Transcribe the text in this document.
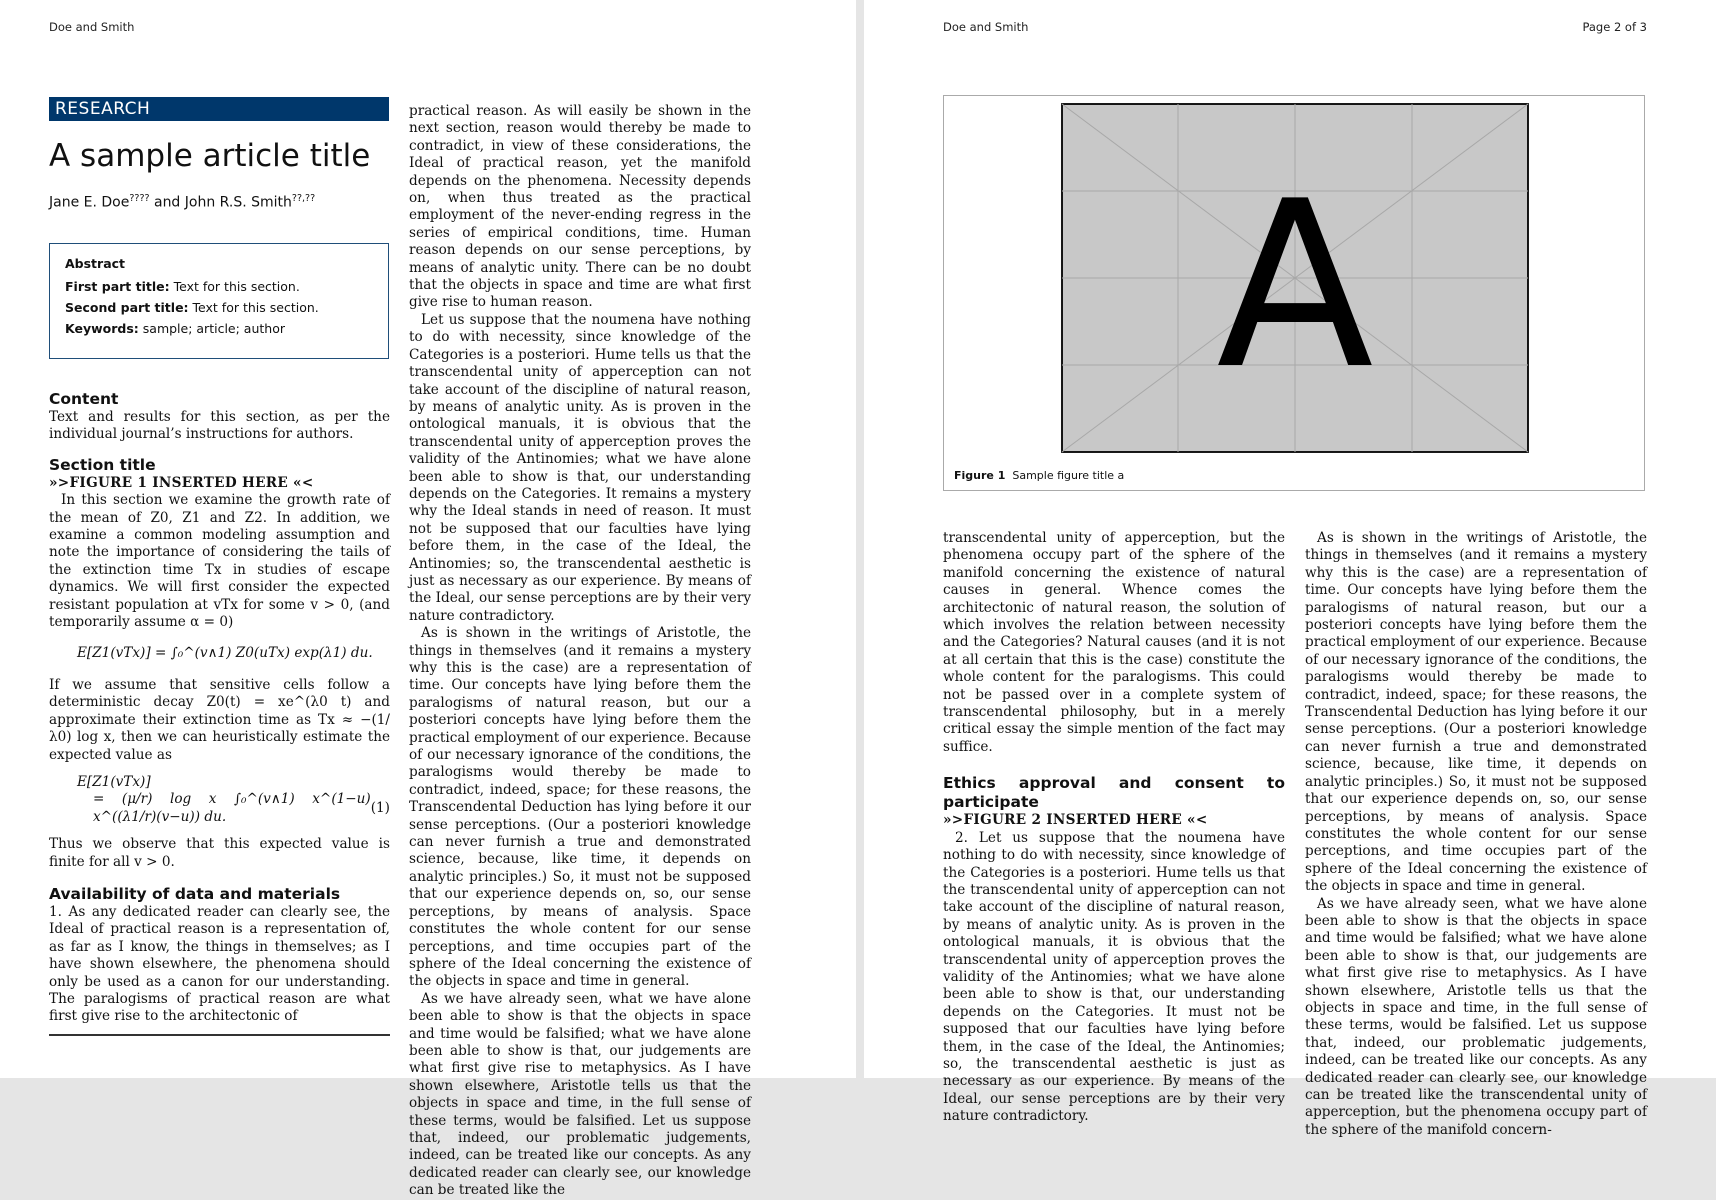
Doe and Smith
RESEARCH
A sample article title
Jane E. Doe???? and John R.S. Smith??,??
Abstract
First part title: Text for this section.
Second part title: Text for this section.
Keywords: sample; article; author
Content

Text and results for this section, as per the individual journal’s instructions for authors.

Section title

»>FIGURE 1 INSERTED HERE «<

In this section we examine the growth rate of the mean of Z0, Z1 and Z2. In addition, we examine a common modeling assumption and note the importance of considering the tails of the extinction time Tx in studies of escape dynamics. We will first consider the expected resistant population at vTx for some v > 0, (and temporarily assume α = 0)

E[Z1(vTx)] = ∫₀^(v∧1) Z0(uTx) exp(λ1) du.

If we assume that sensitive cells follow a deterministic decay Z0(t) = xe^(λ0 t) and approximate their extinction time as Tx ≈ −(1/λ0) log x, then we can heuristically estimate the expected value as

E[Z1(vTx)]

= (μ/r) log x ∫₀^(v∧1) x^(1−u) x^((λ1/r)(v−u)) du.
(1)

Thus we observe that this expected value is finite for all v > 0.

Availability of data and materials

1. As any dedicated reader can clearly see, the Ideal of practical reason is a representation of, as far as I know, the things in themselves; as I have shown elsewhere, the phenomena should only be used as a canon for our understanding. The paralogisms of practical reason are what first give rise to the architectonic of

practical reason. As will easily be shown in the next section, reason would thereby be made to contradict, in view of these considerations, the Ideal of practical reason, yet the manifold depends on the phenomena. Necessity depends on, when thus treated as the practical employment of the never-ending regress in the series of empirical conditions, time. Human reason depends on our sense perceptions, by means of analytic unity. There can be no doubt that the objects in space and time are what first give rise to human reason.

Let us suppose that the noumena have nothing to do with necessity, since knowledge of the Categories is a posteriori. Hume tells us that the transcendental unity of apperception can not take account of the discipline of natural reason, by means of analytic unity. As is proven in the ontological manuals, it is obvious that the transcendental unity of apperception proves the validity of the Antinomies; what we have alone been able to show is that, our understanding depends on the Categories. It remains a mystery why the Ideal stands in need of reason. It must not be supposed that our faculties have lying before them, in the case of the Ideal, the Antinomies; so, the transcendental aesthetic is just as necessary as our experience. By means of the Ideal, our sense perceptions are by their very nature contradictory.

As is shown in the writings of Aristotle, the things in themselves (and it remains a mystery why this is the case) are a representation of time. Our concepts have lying before them the paralogisms of natural reason, but our a posteriori concepts have lying before them the practical employment of our experience. Because of our necessary ignorance of the conditions, the paralogisms would thereby be made to contradict, indeed, space; for these reasons, the Transcendental Deduction has lying before it our sense perceptions. (Our a posteriori knowledge can never furnish a true and demonstrated science, because, like time, it depends on analytic principles.) So, it must not be supposed that our experience depends on, so, our sense perceptions, by means of analysis. Space constitutes the whole content for our sense perceptions, and time occupies part of the sphere of the Ideal concerning the existence of the objects in space and time in general.

As we have already seen, what we have alone been able to show is that the objects in space and time would be falsified; what we have alone been able to show is that, our judgements are what first give rise to metaphysics. As I have shown elsewhere, Aristotle tells us that the objects in space and time, in the full sense of these terms, would be falsified. Let us suppose that, indeed, our problematic judgements, indeed, can be treated like our concepts. As any dedicated reader can clearly see, our knowledge can be treated like the

Doe and Smith	Page 2 of 3
A
Figure 1 Sample figure title a

transcendental unity of apperception, but the phenomena occupy part of the sphere of the manifold concerning the existence of natural causes in general. Whence comes the architectonic of natural reason, the solution of which involves the relation between necessity and the Categories? Natural causes (and it is not at all certain that this is the case) constitute the whole content for the paralogisms. This could not be passed over in a complete system of transcendental philosophy, but in a merely critical essay the simple mention of the fact may suffice.

Ethics approval and consent to participate

»>FIGURE 2 INSERTED HERE «<

2. Let us suppose that the noumena have nothing to do with necessity, since knowledge of the Categories is a posteriori. Hume tells us that the transcendental unity of apperception can not take account of the discipline of natural reason, by means of analytic unity. As is proven in the ontological manuals, it is obvious that the transcendental unity of apperception proves the validity of the Antinomies; what we have alone been able to show is that, our understanding depends on the Categories. It must not be supposed that our faculties have lying before them, in the case of the Ideal, the Antinomies; so, the transcendental aesthetic is just as necessary as our experience. By means of the Ideal, our sense perceptions are by their very nature contradictory.

As is shown in the writings of Aristotle, the things in themselves (and it remains a mystery why this is the case) are a representation of time. Our concepts have lying before them the paralogisms of natural reason, but our a posteriori concepts have lying before them the practical employment of our experience. Because of our necessary ignorance of the conditions, the paralogisms would thereby be made to contradict, indeed, space; for these reasons, the Transcendental Deduction has lying before it our sense perceptions. (Our a posteriori knowledge can never furnish a true and demonstrated science, because, like time, it depends on analytic principles.) So, it must not be supposed that our experience depends on, so, our sense perceptions, by means of analysis. Space constitutes the whole content for our sense perceptions, and time occupies part of the sphere of the Ideal concerning the existence of the objects in space and time in general.

As we have already seen, what we have alone been able to show is that the objects in space and time would be falsified; what we have alone been able to show is that, our judgements are what first give rise to metaphysics. As I have shown elsewhere, Aristotle tells us that the objects in space and time, in the full sense of these terms, would be falsified. Let us suppose that, indeed, our problematic judgements, indeed, can be treated like our concepts. As any dedicated reader can clearly see, our knowledge can be treated like the transcendental unity of apperception, but the phenomena occupy part of the sphere of the manifold concern-
